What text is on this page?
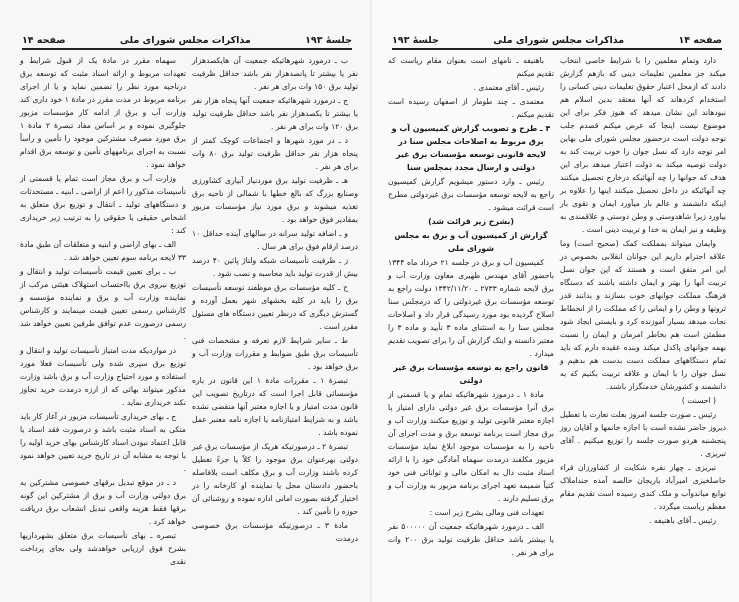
جلسهٔ ۱۹۳
مذاکرات مجلس شورای ملی
صفحه ۱۴

ب ـ درمورد شهرهائیکه جمعیت آن هایکصدهزار نفر یا بیشتر تا پانصدهزار نفر باشد حداقل ظرفیت تولید برق ۱۵۰ وات برای هر نفر .

ج ـ درمورد شهرهائیکه جمعیت آنها پنجاه هزار نفر یا بیشتر تا یکصدهزار نفر باشد حداقل ظرفیت تولید برق ۱۲۰ وات برای هر نفر .

د ـ در مورد شهرها و اجتماعات کوچک کمتر از پنجاه هزار نفر حداقل ظرفیت تولید برق ۸۰ وات برای هر نفر .

هـ ـ ظرفیت تولید برق موردنیاز آبیاری کشاورزی وصنایع بزرگ که بالغ خطها با شمالی از ناحیه برق تغذیه میشوند و برق مورد نیاز مؤسسات مزبور بمقادیر فوق خواهد بود .

و ـ اضافه تولید سرانه در سالهای آینده حداقل ۱۰ درصد ارقام فوق برای هر سال .

ز ـ ظرفیت تأسیسات شبکه ولتاژ پائین ۴۰ درصد بیش از قدرت تولید باید محاسبه و نصب شود .

ح ـ کلیه مؤسسات برق موظفند توسعه تأسیسات برق را باید در کلیه بخشهای شهر بعمل آورده و گسترش دیگری که درنظر تعیین دستگاه های مسئول مقرر است .

ط ـ سایر شرایط لازم تعرفه و مشخصات فنی تأسیسات برق طبق ضوابط و مقررات وزارت آب و برق خواهد بود .

تبصرهٔ ۱ ـ مقررات مادهٔ ۱ این قانون در باره مؤسسائی قابل اجرا است که درتاریخ تصویب این قانون مدت امتیاز و یا اجازه معتبر آنها منقضی نشده باشد و به شرایط امتیازنامه یا اجازه نامه معتبر عمل نموده باشد .

تبصرهٔ ۲ ـ درصورتیکه هریک از مؤسسات برق غیر دولتی بهرعنوان برق موجود را کلاً یا جزءً تعطیل کرده باشند وزارت آب و برق مکلف است بلافاصله باحضور دادستان محل یا نماینده او کارخانه را در اختیار گرفته بصورت امانی اداره نموده و روشنائی آن حوزه را تأمین کند .

مادهٔ ۳ ـ درصورتیکه مؤسسات برق خصوصی درمدت

سهماه مقرر در مادهٔ یک از قبول شرایط و تعهدات مربوط و ارائه اسناد مثبت که توسعه برق درناحیه مورد نظر را تضمین نماید و یا از اجرای برنامه مربوط در مدت مقرر در مادهٔ ۱ خود داری کند وزارت آب و برق از ادامه کار مؤسسات مزبور جلوگیری نموده و بر اساس مفاد تبصرهٔ ۲ مادهٔ ۱ برق مورد مصرف مشترکین موجود را تأمین و رأساً نسبت به اجرای برنامههای تأمین و توسعه برق اقدام خواهد نمود .

وزارت آب و برق مجاز است تمام یا قسمتی از تأسیسات مذکور را اعم از اراضی ـ ابنیه ـ مستحدثات و دستگاههای تولید ـ انتقال و توزیع برق متعلق به اشخاص حقیقی یا حقوقی را به ترتیب زیر خریداری کند :

الف ـ بهای اراضی و ابنیه و متعلقات آن طبق مادهٔ ۳۳ لایحه برنامه سوم تعیین خواهد شد .

ب ـ برای تعیین قیمت تأسیسات تولید و انتقال و توزیع نیروی برق بااحتساب استهلاک هیئتی مرکب از نماینده وزارت آب و برق و نماینده مؤسسه و کارشناس رسمی تعیین قیمت مینمایند و کارشناس رسمی درصورت عدم توافق طرفین تعیین خواهد شد .

در مواردیکه مدت امتیاز تأسیسات تولید و انتقال و توزیع برق سپری شده ولی تأسیسات فعلا مورد استفاده و مورد احتیاج وزارت آب و برق باشد وزارت مذکور میتواند بهائی که از ارزه درمدت خرید تجاوز نکند خریداری نماید .

ج ـ بهای خریداری تأسیسات مزبور در آغاز کار باید متکی به اسناد مثبت باشد و درصورت فقد اسناد یا قابل اعتماد نبودن اسناد کارشناس بهای خرید اولیه را با توجه به مشابه آن در تاریخ خرید تعیین خواهد نمود .

د ـ در موقع تبدیل برقهای خصوصی مشترکین به برق دولتی وزارت آب و برق از مشترکین این گونه برقها فقط هزینه واقعی تبدیل انشعاب برق دریافت خواهد کرد .

تبصره ـ بهای تأسیسات برق متعلق بشهرداریها بشرح فوق ارزیابی خواهدشد ولی بجای پرداخت نقدی

صفحه ۱۴
مذاکرات مجلس شورای ملی
جلسهٔ ۱۹۳

دارد وتمام معلمین را با شرایط خاصی انتخاب میکند جز معلمین تعلیمات دینی که بازهم گزارش دادند که ازمحل اعتبار حقوق تعلیمات دینی کسانی را استخدام کردهاند که آنها معتقد بدین اسلام هم نبودهاند این نشان میدهد که هنوز فکر برای این موضوع نیست اینجا که عرض میکنم قصدم جلب توجه دولت است درحضور مجلس شورای ملی بهاین امر توجه دارد که نسل جوان را خوب تربیت کند به دولت توصیه میکند به دولت اعتبار میدهد برای این هدف که جوانها را چه آنهائیکه درخارج تحصیل میکنند چه آنهائیکه در داخل تحصیل میکنند اینها را علاوه بر اینکه دانشمند و عالم بار میآورد ایمان و تقوی بار بیاورد زیرا شاهدوستی و وطن دوستی و علاقمندی به وظیفه و نیز ایمان به خدا و تربیت دینی است .

وایمان میتواند بمملکت کمک (صحیح است) وما علاقه احترام داریم این جوانان انقلابی بخصوص در این امر متفق است و هستند که این جوان نسل تربیت آنها را بهتر و ایمان داشته باشند که دستگاه فرهنگ مملکت جوانهای خوب بسازند و بدانند قدر ثروتها و وطن را و ایمانی را که مملکت را از انحطاط نجات میدهد بسیار آموزنده کرد و بایستی ایجاد شود مطمئن است هم بخاطر امرمان و ایمان را نسبت بهمه جوانهای پاکدل میکند وبنده عقیده دارم که باید تمام دستگاههای مملکت دست بدست هم بدهیم و نسل جوان را با ایمان و علاقه تربیت بکنیم که به دانشمند و کشورشان خدمتگزار باشند.

( احسنت )

رئیس ـ صورت جلسه امروز بعلت تعارت با تعطیل دیروز حاضر نشده است با اجازه خانمها و آقایان روز پنجشنبه هردو صورت جلسه را توزیع میکنیم . آقای تبریزی .

تبریزی ـ چهار نفره شکایت از کشاورزان قراء حاصلخیزی امیرآباد یاریجان خالصه آمده جنداملاک توابع میاندوآب و ملک کندی رسیده است تقدیم مقام معظم ریاست میگردد .

رئیس ـ آقای باهنیفه .

باهنیفه ـ نامهای است بعنوان مقام ریاست که تقدیم میکنم

رئیس ـ آقای معتمدی .

معتمدی ـ چند طومار از اصفهان رسیده است تقدیم میکنم .

۴ ـ طرح و تصویب گزارش کمیسیون آب و برق مربوط به اصلاحات مجلس سنا در لایحه قانونی توسعه مؤسسات برق غیر دولتی و ارسال مجدد بمجلس سنا

رئیس ـ وارد دستور میشویم گزارش کمیسیون راجع به لایحه توسعه مؤسسات برق غیردولتی مطرح است قرائت میشود .

(بشرح زیر قرائت شد)

گزارش از کمیسیون آب و برق به مجلس شورای ملی

کمیسیون آب و برق در جلسه ۲۱ خرداد ماه ۱۳۴۴ باحضور آقای مهندس ظهیری معاون وزارت آب و برق لایحه شماره ۲۷۳۳ ـ ۱۳۴۲/۱۱/۲۰ دولت راجع به توسعه مؤسسات برق غیردولتی را که درمجلس سنا اصلاح گردیده بود مورد رسیدگی قرار داد و اصلاحات مجلس سنا را به استثنای ماده ۳ تأیید و ماده ۳ را معتبر دانسته و اینک گزارش آن را برای تصویب تقدیم میدارد .

قانون راجع به توسعه مؤسسات برق غیر دولتی

مادهٔ ۱ ـ درمورد شهرهائیکه تمام و یا قسمتی از برق آنرا مؤسسات برق غیر دولتی دارای امتیاز یا اجازه معتبر قانونی تولید و توزیع میکنند وزارت آب و برق مجاز است برنامه توسعه برق و مدت اجرای آن ناحیه را به مؤسسات موجود ابلاغ نماید مؤسسات مزبور مکلفند درمدت سهماه آمادگی خود را با ارائه اسناد مثبت دال به امکان مالی و توانائی فنی خود کتباً ضمیمه تعهد اجرای برنامه مزبور به وزارت آب و برق تسلیم دارند .

تعهدات فنی ومالی بشرح زیر است :

الف ـ درمورد شهرهائیکه جمعیت آن ۵۰۰۰۰۰ نفر یا بیشتر باشد حداقل ظرفیت تولید برق ۲۰۰ وات برای هر نفر .
